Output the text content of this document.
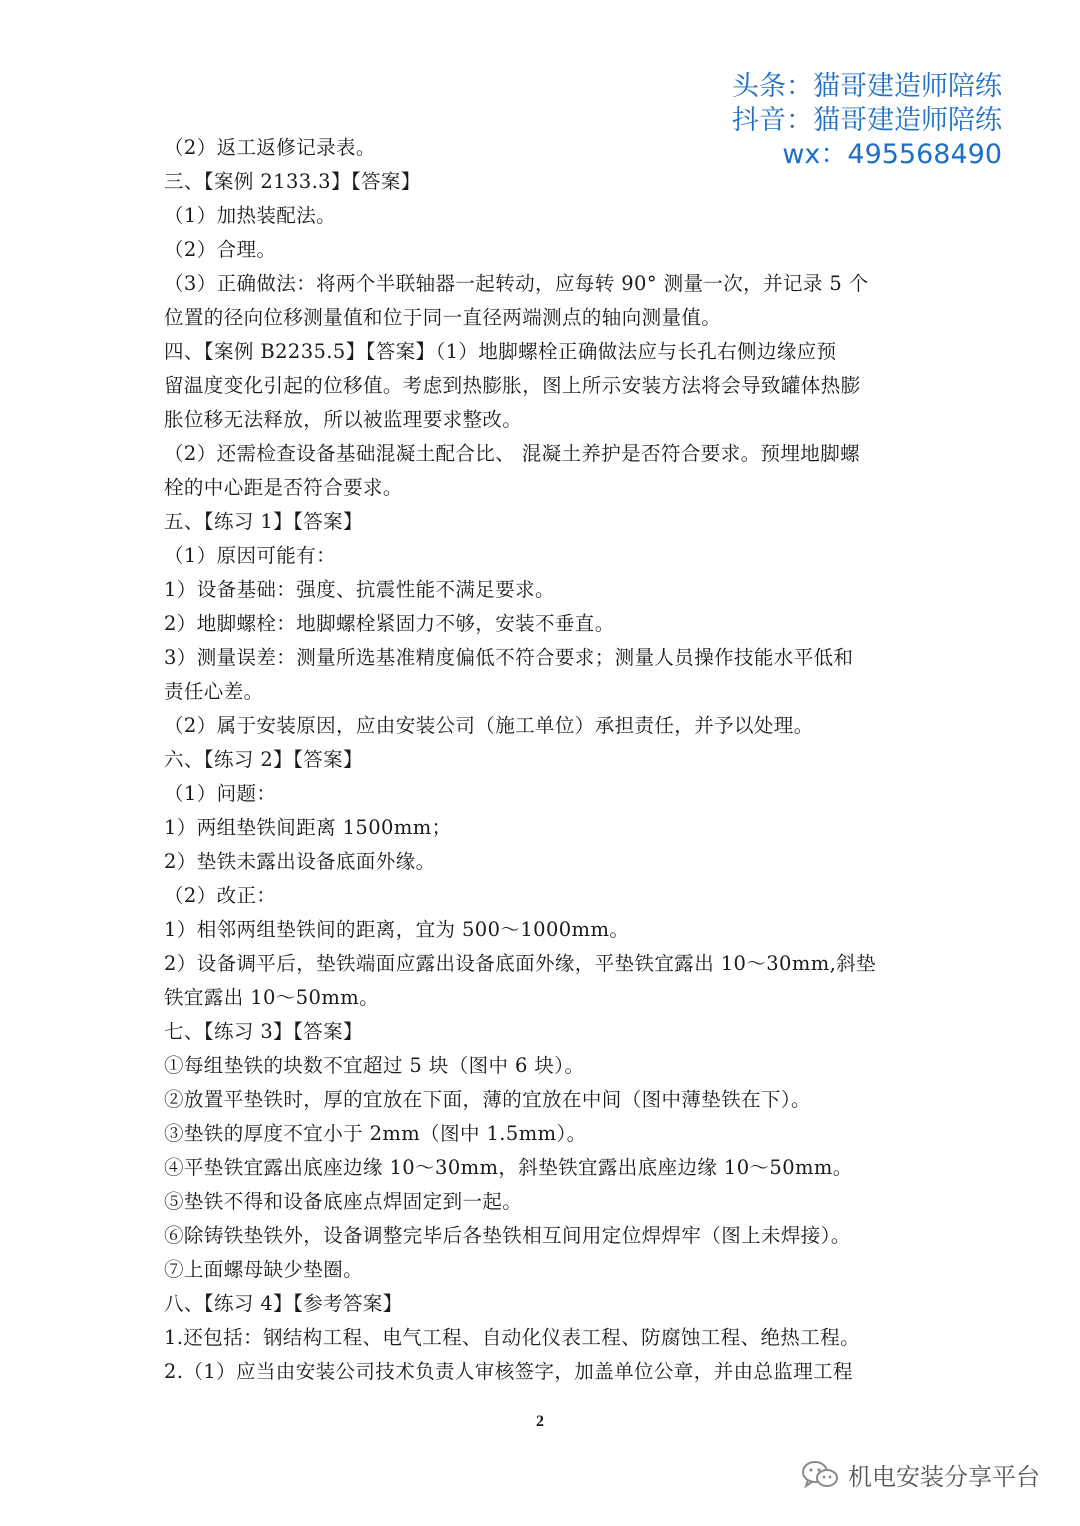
头条：猫哥建造师陪练
抖音：猫哥建造师陪练
wx：495568490
（2）返工返修记录表。
三、【案例 2133.3】【答案】
（1）加热装配法。
（2）合理。
（3）正确做法：将两个半联轴器一起转动，应每转 90° 测量一次，并记录 5 个
位置的径向位移测量值和位于同一直径两端测点的轴向测量值。
四、【案例 B2235.5】【答案】（1）地脚螺栓正确做法应与长孔右侧边缘应预
留温度变化引起的位移值。考虑到热膨胀，图上所示安装方法将会导致罐体热膨
胀位移无法释放，所以被监理要求整改。
（2）还需检查设备基础混凝土配合比、 混凝土养护是否符合要求。预埋地脚螺
栓的中心距是否符合要求。
五、【练习 1】【答案】
（1）原因可能有：
1）设备基础：强度、抗震性能不满足要求。
2）地脚螺栓：地脚螺栓紧固力不够，安装不垂直。
3）测量误差：测量所选基准精度偏低不符合要求；测量人员操作技能水平低和
责任心差。
（2）属于安装原因，应由安装公司（施工单位）承担责任，并予以处理。
六、【练习 2】【答案】
（1）问题：
1）两组垫铁间距离 1500mm；
2）垫铁未露出设备底面外缘。
（2）改正：
1）相邻两组垫铁间的距离，宜为 500～1000mm。
2）设备调平后，垫铁端面应露出设备底面外缘，平垫铁宜露出 10～30mm,斜垫
铁宜露出 10～50mm。
七、【练习 3】【答案】
①每组垫铁的块数不宜超过 5 块（图中 6 块）。
②放置平垫铁时，厚的宜放在下面，薄的宜放在中间（图中薄垫铁在下）。
③垫铁的厚度不宜小于 2mm（图中 1.5mm）。
④平垫铁宜露出底座边缘 10～30mm，斜垫铁宜露出底座边缘 10～50mm。
⑤垫铁不得和设备底座点焊固定到一起。
⑥除铸铁垫铁外，设备调整完毕后各垫铁相互间用定位焊焊牢（图上未焊接）。
⑦上面螺母缺少垫圈。
八、【练习 4】【参考答案】
1.还包括：钢结构工程、电气工程、自动化仪表工程、防腐蚀工程、绝热工程。
2.（1）应当由安装公司技术负责人审核签字，加盖单位公章，并由总监理工程
2
机电安装分享平台
